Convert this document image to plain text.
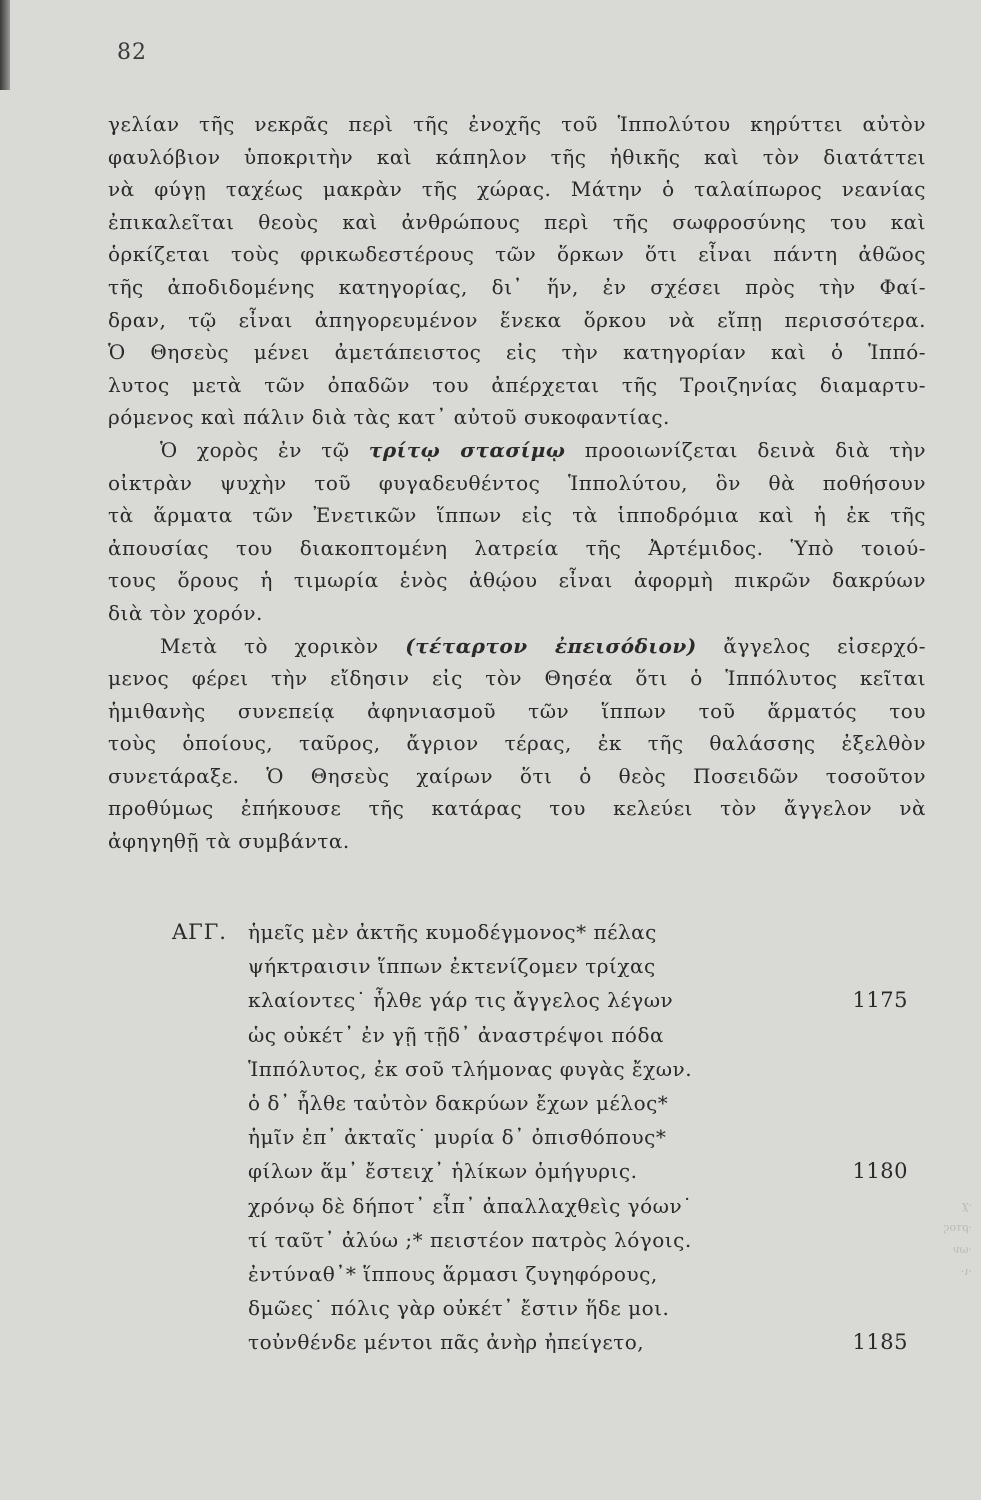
82
γελίαν τῆς νεκρᾶς περὶ τῆς ἐνοχῆς τοῦ Ἱππολύτου κηρύττει αὐτὸν
φαυλόβιον ὑποκριτὴν καὶ κάπηλον τῆς ἠθικῆς καὶ τὸν διατάττει
νὰ φύγῃ ταχέως μακρὰν τῆς χώρας. Μάτην ὁ ταλαίπωρος νεανίας
ἐπικαλεῖται θεοὺς καὶ ἀνθρώπους περὶ τῆς σωφροσύνης του καὶ
ὁρκίζεται τοὺς φρικωδεστέρους τῶν ὅρκων ὅτι εἶναι πάντη ἀθῶος
τῆς ἀποδιδομένης κατηγορίας, δι᾽ ἥν, ἐν σχέσει πρὸς τὴν Φαί-
δραν, τῷ εἶναι ἀπηγορευμένον ἕνεκα ὅρκου νὰ εἴπῃ περισσότερα.
Ὁ Θησεὺς μένει ἀμετάπειστος εἰς τὴν κατηγορίαν καὶ ὁ Ἱππό-
λυτος μετὰ τῶν ὀπαδῶν του ἀπέρχεται τῆς Τροιζηνίας διαμαρτυ-
ρόμενος καὶ πάλιν διὰ τὰς κατ᾽ αὐτοῦ συκοφαντίας.
Ὁ χορὸς ἐν τῷ τρίτῳ στασίμῳ προοιωνίζεται δεινὰ διὰ τὴν
οἰκτρὰν ψυχὴν τοῦ φυγαδευθέντος Ἱππολύτου, ὃν θὰ ποθήσουν
τὰ ἅρματα τῶν Ἐνετικῶν ἵππων εἰς τὰ ἱπποδρόμια καὶ ἡ ἐκ τῆς
ἀπουσίας του διακοπτομένη λατρεία τῆς Ἀρτέμιδος. Ὑπὸ τοιού-
τους ὅρους ἡ τιμωρία ἑνὸς ἀθῴου εἶναι ἀφορμὴ πικρῶν δακρύων
διὰ τὸν χορόν.
Μετὰ τὸ χορικὸν (τέταρτον ἐπεισόδιον) ἄγγελος εἰσερχό-
μενος φέρει τὴν εἴδησιν εἰς τὸν Θησέα ὅτι ὁ Ἱππόλυτος κεῖται
ἡμιθανὴς συνεπείᾳ ἀφηνιασμοῦ τῶν ἵππων τοῦ ἅρματός του
τοὺς ὁποίους, ταῦρος, ἄγριον τέρας, ἐκ τῆς θαλάσσης ἐξελθὸν
συνετάραξε. Ὁ Θησεὺς χαίρων ὅτι ὁ θεὸς Ποσειδῶν τοσοῦτον
προθύμως ἐπήκουσε τῆς κατάρας του κελεύει τὸν ἄγγελον νὰ
ἀφηγηθῇ τὰ συμβάντα.
ΑΓΓ. ἡμεῖς μὲν ἀκτῆς κυμοδέγμονος* πέλας
ψήκτραισιν ἵππων ἐκτενίζομεν τρίχας
κλαίοντες˙ ἦλθε γάρ τις ἄγγελος λέγων	1175
ὡς οὐκέτ᾽ ἐν γῇ τῇδ᾽ ἀναστρέψοι πόδα
Ἱππόλυτος, ἐκ σοῦ τλήμονας φυγὰς ἔχων.
ὁ δ᾽ ἦλθε ταὐτὸν δακρύων ἔχων μέλος*
ἡμῖν ἐπ᾽ ἀκταῖς˙ μυρία δ᾽ ὀπισθόπους*
φίλων ἅμ᾽ ἔστειχ᾽ ἡλίκων ὁμήγυρις.	1180
χρόνῳ δὲ δήποτ᾽ εἶπ᾽ ἀπαλλαχθεὶς γόων˙
τί ταῦτ᾽ ἀλύω ;* πειστέον πατρὸς λόγοις.
ἐντύναθ᾽* ἵππους ἅρμασι ζυγηφόρους,
δμῶες˙ πόλις γὰρ οὐκέτ᾽ ἔστιν ἥδε μοι.
τοὐνθένδε μέντοι πᾶς ἀνὴρ ἠπείγετο,	1185
·χ
·ρτος
·ων
·ι·
